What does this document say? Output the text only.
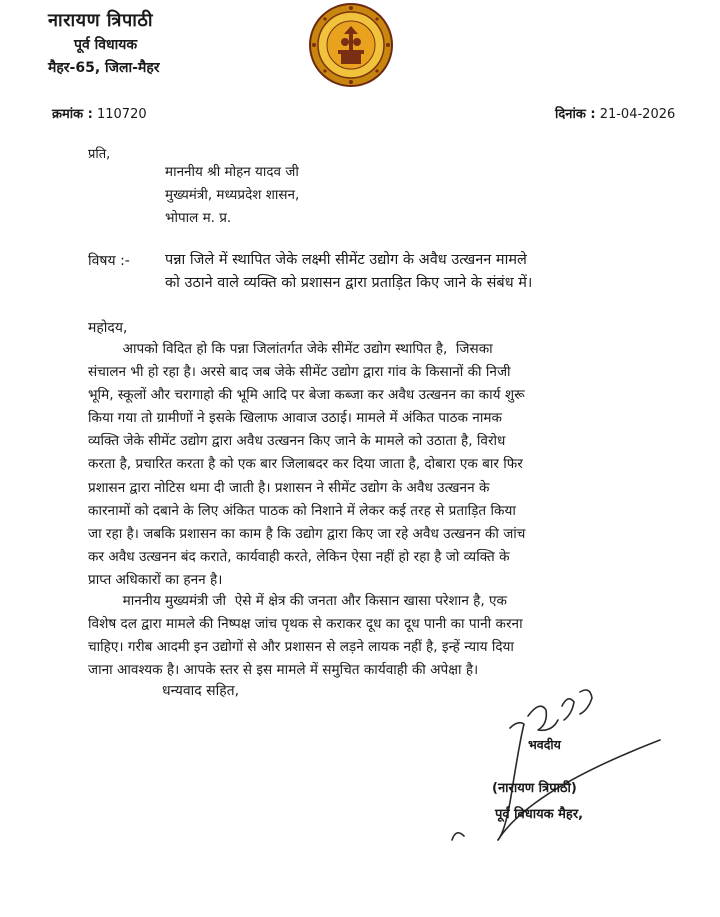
नारायण त्रिपाठी
पूर्व विधायक
मैहर-65, जिला-मैहर
क्रमांक : 110720	दिनांक : 21-04-2026
प्रति,
माननीय श्री मोहन यादव जी
मुख्यमंत्री, मध्यप्रदेश शासन,
भोपाल म. प्र.
विषय :- पन्ना जिले में स्थापित जेके लक्ष्मी सीमेंट उद्योग के अवैध उत्खनन मामले
को उठाने वाले व्यक्ति को प्रशासन द्वारा प्रताड़ित किए जाने के संबंध में।
महोदय,
आपको विदित हो कि पन्ना जिलांतर्गत जेके सीमेंट उद्योग स्थापित है,  जिसका
संचालन भी हो रहा है। अरसे बाद जब जेके सीमेंट उद्योग द्वारा गांव के किसानों की निजी
भूमि, स्कूलों और चरागाहो की भूमि आदि पर बेजा कब्जा कर अवैध उत्खनन का कार्य शुरू
किया गया तो ग्रामीणों ने इसके खिलाफ आवाज उठाई। मामले में अंकित पाठक नामक
व्यक्ति जेके सीमेंट उद्योग द्वारा अवैध उत्खनन किए जाने के मामले को उठाता है, विरोध
करता है, प्रचारित करता है को एक बार जिलाबदर कर दिया जाता है, दोबारा एक बार फिर
प्रशासन द्वारा नोटिस थमा दी जाती है। प्रशासन ने सीमेंट उद्योग के अवैध उत्खनन के
कारनामों को दबाने के लिए अंकित पाठक को निशाने में लेकर कई तरह से प्रताड़ित किया
जा रहा है। जबकि प्रशासन का काम है कि उद्योग द्वारा किए जा रहे अवैध उत्खनन की जांच
कर अवैध उत्खनन बंद कराते, कार्यवाही करते, लेकिन ऐसा नहीं हो रहा है जो व्यक्ति के
प्राप्त अधिकारों का हनन है।
माननीय मुख्यमंत्री जी  ऐसे में क्षेत्र की जनता और किसान खासा परेशान है, एक
विशेष दल द्वारा मामले की निष्पक्ष जांच पृथक से कराकर दूध का दूध पानी का पानी करना
चाहिए। गरीब आदमी इन उद्योगों से और प्रशासन से लड़ने लायक नहीं है, इन्हें न्याय दिया
जाना आवश्यक है। आपके स्तर से इस मामले में समुचित कार्यवाही की अपेक्षा है।
धन्यवाद सहित,
भवदीय
(नारायण त्रिपाठी)
पूर्व विधायक मैहर,
